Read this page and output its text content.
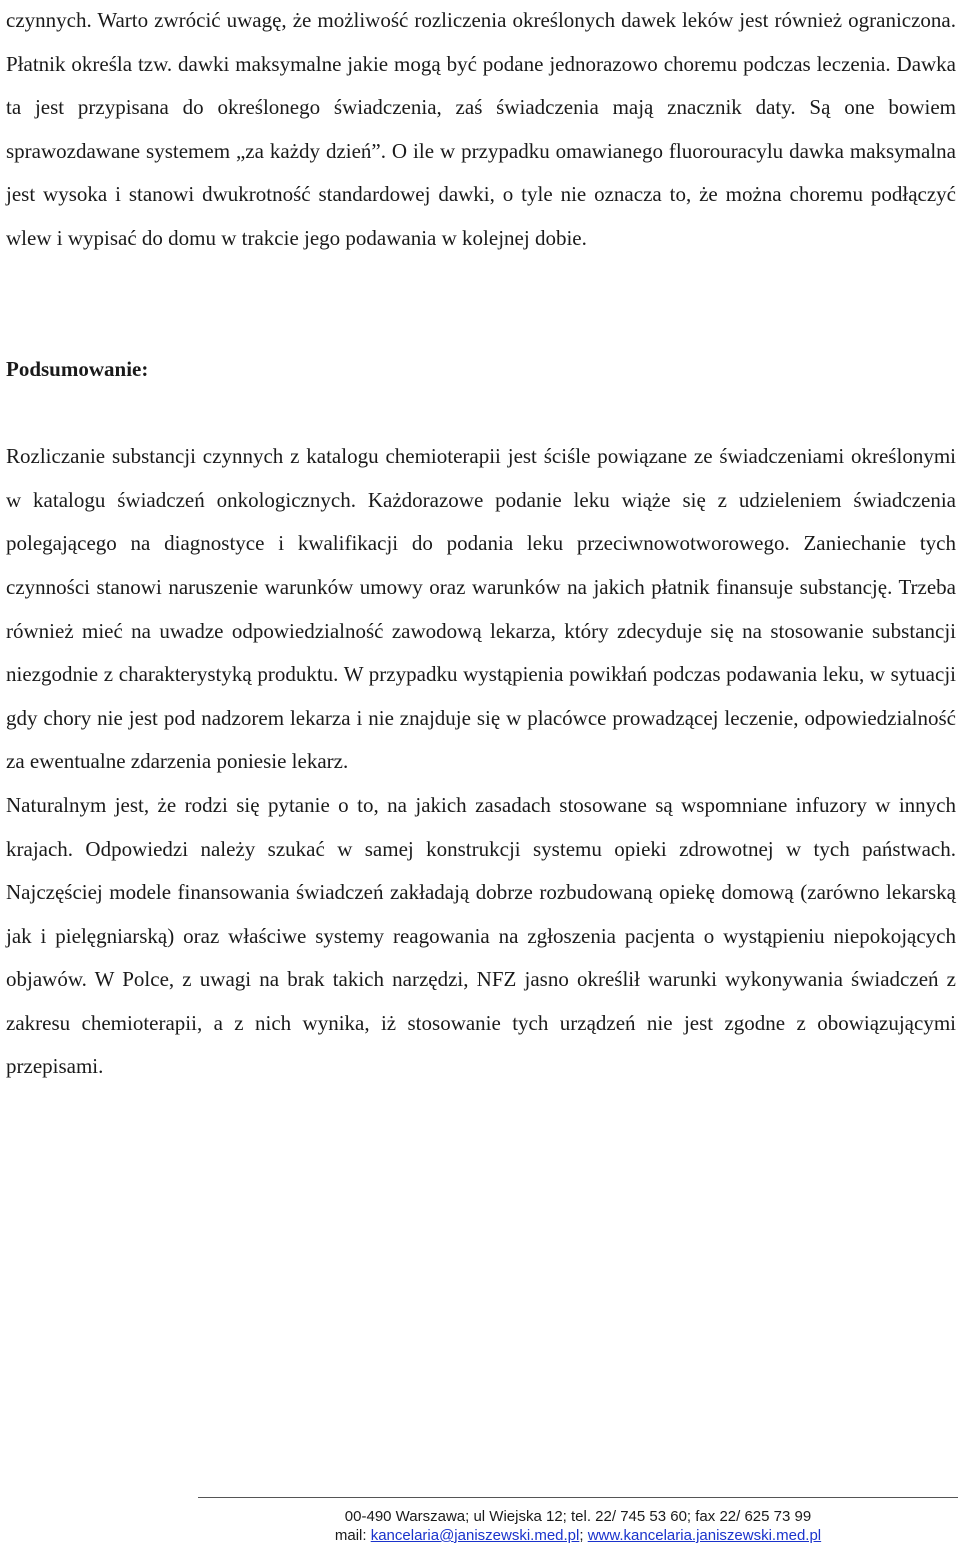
czynnych. Warto zwrócić uwagę, że możliwość rozliczenia określonych dawek leków jest również ograniczona. Płatnik określa tzw. dawki maksymalne jakie mogą być podane jednorazowo choremu podczas leczenia. Dawka ta jest przypisana do określonego świadczenia, zaś świadczenia mają znacznik daty. Są one bowiem sprawozdawane systemem „za każdy dzień”. O ile w przypadku omawianego fluorouracylu dawka maksymalna jest wysoka i stanowi dwukrotność standardowej dawki, o tyle nie oznacza to, że można choremu podłączyć wlew i wypisać do domu w trakcie jego podawania w kolejnej dobie.

Podsumowanie:

Rozliczanie substancji czynnych z katalogu chemioterapii jest ściśle powiązane ze świadczeniami określonymi w katalogu świadczeń onkologicznych. Każdorazowe podanie leku wiąże się z udzieleniem świadczenia polegającego na diagnostyce i kwalifikacji do podania leku przeciwnowotworowego. Zaniechanie tych czynności stanowi naruszenie warunków umowy oraz warunków na jakich płatnik finansuje substancję. Trzeba również mieć na uwadze odpowiedzialność zawodową lekarza, który zdecyduje się na stosowanie substancji niezgodnie z charakterystyką produktu. W przypadku wystąpienia powikłań podczas podawania leku, w sytuacji gdy chory nie jest pod nadzorem lekarza i nie znajduje się w placówce prowadzącej leczenie, odpowiedzialność za ewentualne zdarzenia poniesie lekarz.

Naturalnym jest, że rodzi się pytanie o to, na jakich zasadach stosowane są wspomniane infuzory w innych krajach. Odpowiedzi należy szukać w samej konstrukcji systemu opieki zdrowotnej w tych państwach. Najczęściej modele finansowania świadczeń zakładają dobrze rozbudowaną opiekę domową (zarówno lekarską jak i pielęgniarską) oraz właściwe systemy reagowania na zgłoszenia pacjenta o wystąpieniu niepokojących objawów. W Polce, z uwagi na brak takich narzędzi, NFZ jasno określił warunki wykonywania świadczeń z zakresu chemioterapii, a z nich wynika, iż stosowanie tych urządzeń nie jest zgodne z obowiązującymi przepisami.

00-490 Warszawa; ul Wiejska 12; tel. 22/ 745 53 60; fax 22/ 625 73 99

mail: kancelaria@janiszewski.med.pl; www.kancelaria.janiszewski.med.pl
